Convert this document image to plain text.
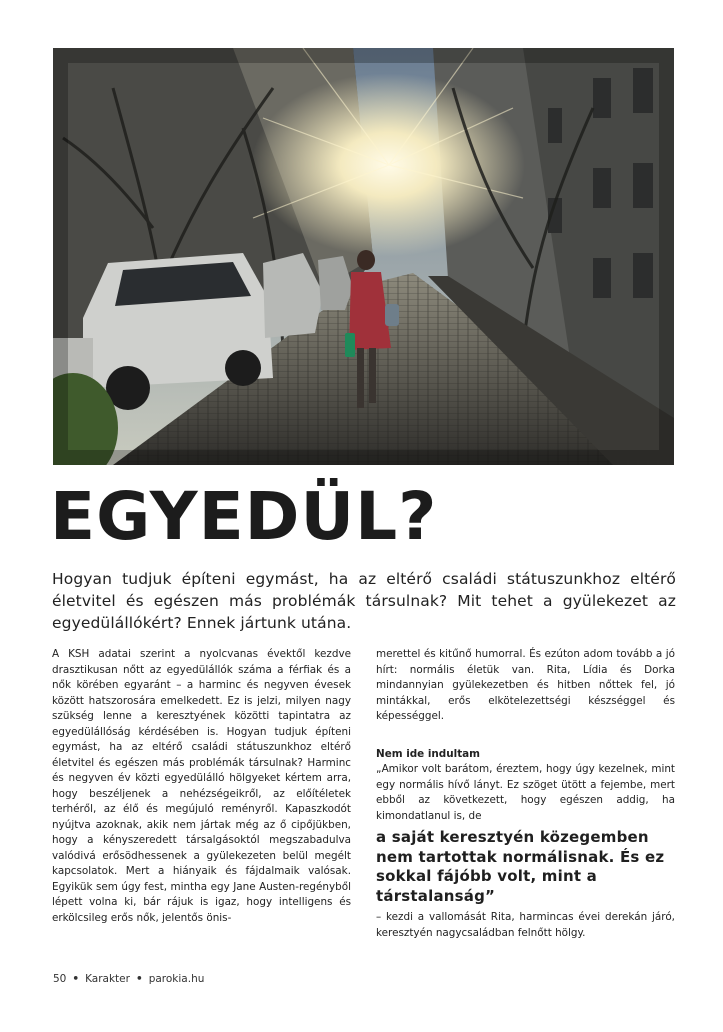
EGYEDÜL?
Hogyan tudjuk építeni egymást, ha az eltérő családi státuszunkhoz eltérő életvitel és egészen más problémák társulnak? Mit tehet a gyülekezet az egyedülállókért? Ennek jártunk utána.

A KSH adatai szerint a nyolcvanas évektől kezdve drasztikusan nőtt az egyedülállók száma a férfiak és a nők körében egyaránt – a harminc és negyven évesek között hatszorosára emelkedett. Ez is jelzi, milyen nagy szükség lenne a keresztyének közötti tapintatra az egyedülállóság kérdésében is. Hogyan tudjuk építeni egymást, ha az eltérő családi státuszunkhoz eltérő életvitel és egészen más problémák társulnak? Harminc és negyven év közti egyedülálló hölgyeket kértem arra, hogy beszéljenek a nehézségeikről, az előítéletek terhéről, az élő és megújuló reményről. Kapaszkodót nyújtva azoknak, akik nem jártak még az ő cipőjükben, hogy a kényszeredett társalgásoktól megszabadulva valódivá erősödhessenek a gyülekezeten belül megélt kapcsolatok. Mert a hiányaik és fájdalmaik valósak. Egyikük sem úgy fest, mintha egy Jane Austen-regényből lépett volna ki, bár rájuk is igaz, hogy intelligens és erkölcsileg erős nők, jelentős önis-

merettel és kitűnő humorral. És ezúton adom tovább a jó hírt: normális életük van. Rita, Lídia és Dorka mindannyian gyülekezetben és hitben nőttek fel, jó mintákkal, erős elkötelezettségi készséggel és képességgel.

Nem ide indultam

„Amikor volt barátom, éreztem, hogy úgy kezelnek, mint egy normális hívő lányt. Ez szöget ütött a fejembe, mert ebből az következett, hogy egészen addig, ha kimondatlanul is, de

a saját keresztyén közegemben nem tartottak normálisnak. És ez sokkal fájóbb volt, mint a társtalanság”

– kezdi a vallomását Rita, harmincas évei derekán járó, keresztyén nagycsaládban felnőtt hölgy.

50 • Karakter • parokia.hu
